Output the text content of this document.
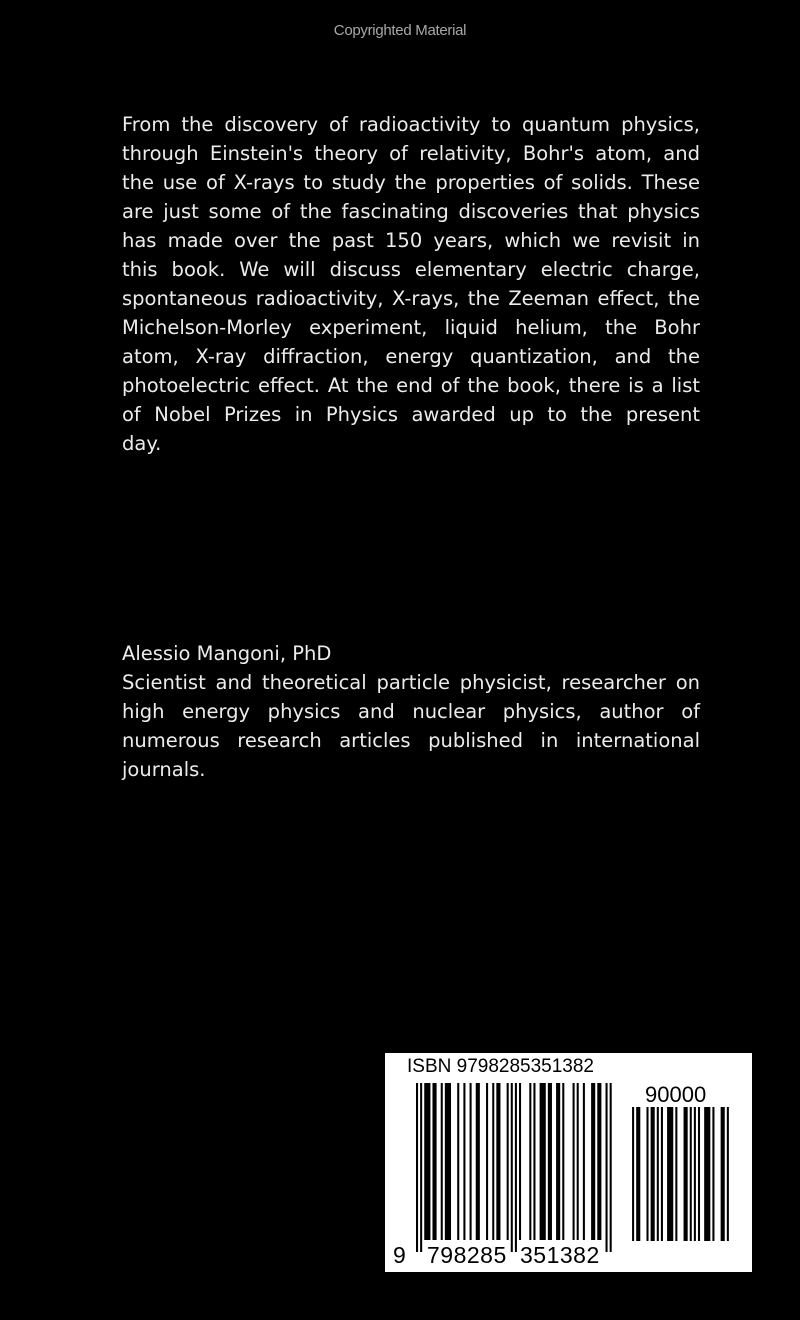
Copyrighted Material
From the discovery of radioactivity to quantum physics,
through Einstein's theory of relativity, Bohr's atom, and
the use of X-rays to study the properties of solids. These
are just some of the fascinating discoveries that physics
has made over the past 150 years, which we revisit in
this book. We will discuss elementary electric charge,
spontaneous radioactivity, X-rays, the Zeeman effect, the
Michelson-Morley experiment, liquid helium, the Bohr
atom, X-ray diffraction, energy quantization, and the
photoelectric effect. At the end of the book, there is a list
of Nobel Prizes in Physics awarded up to the present
day.
Alessio Mangoni, PhD
Scientist and theoretical particle physicist, researcher on
high energy physics and nuclear physics, author of
numerous research articles published in international
journals.
ISBN 9798285351382
90000
9 798285 351382
